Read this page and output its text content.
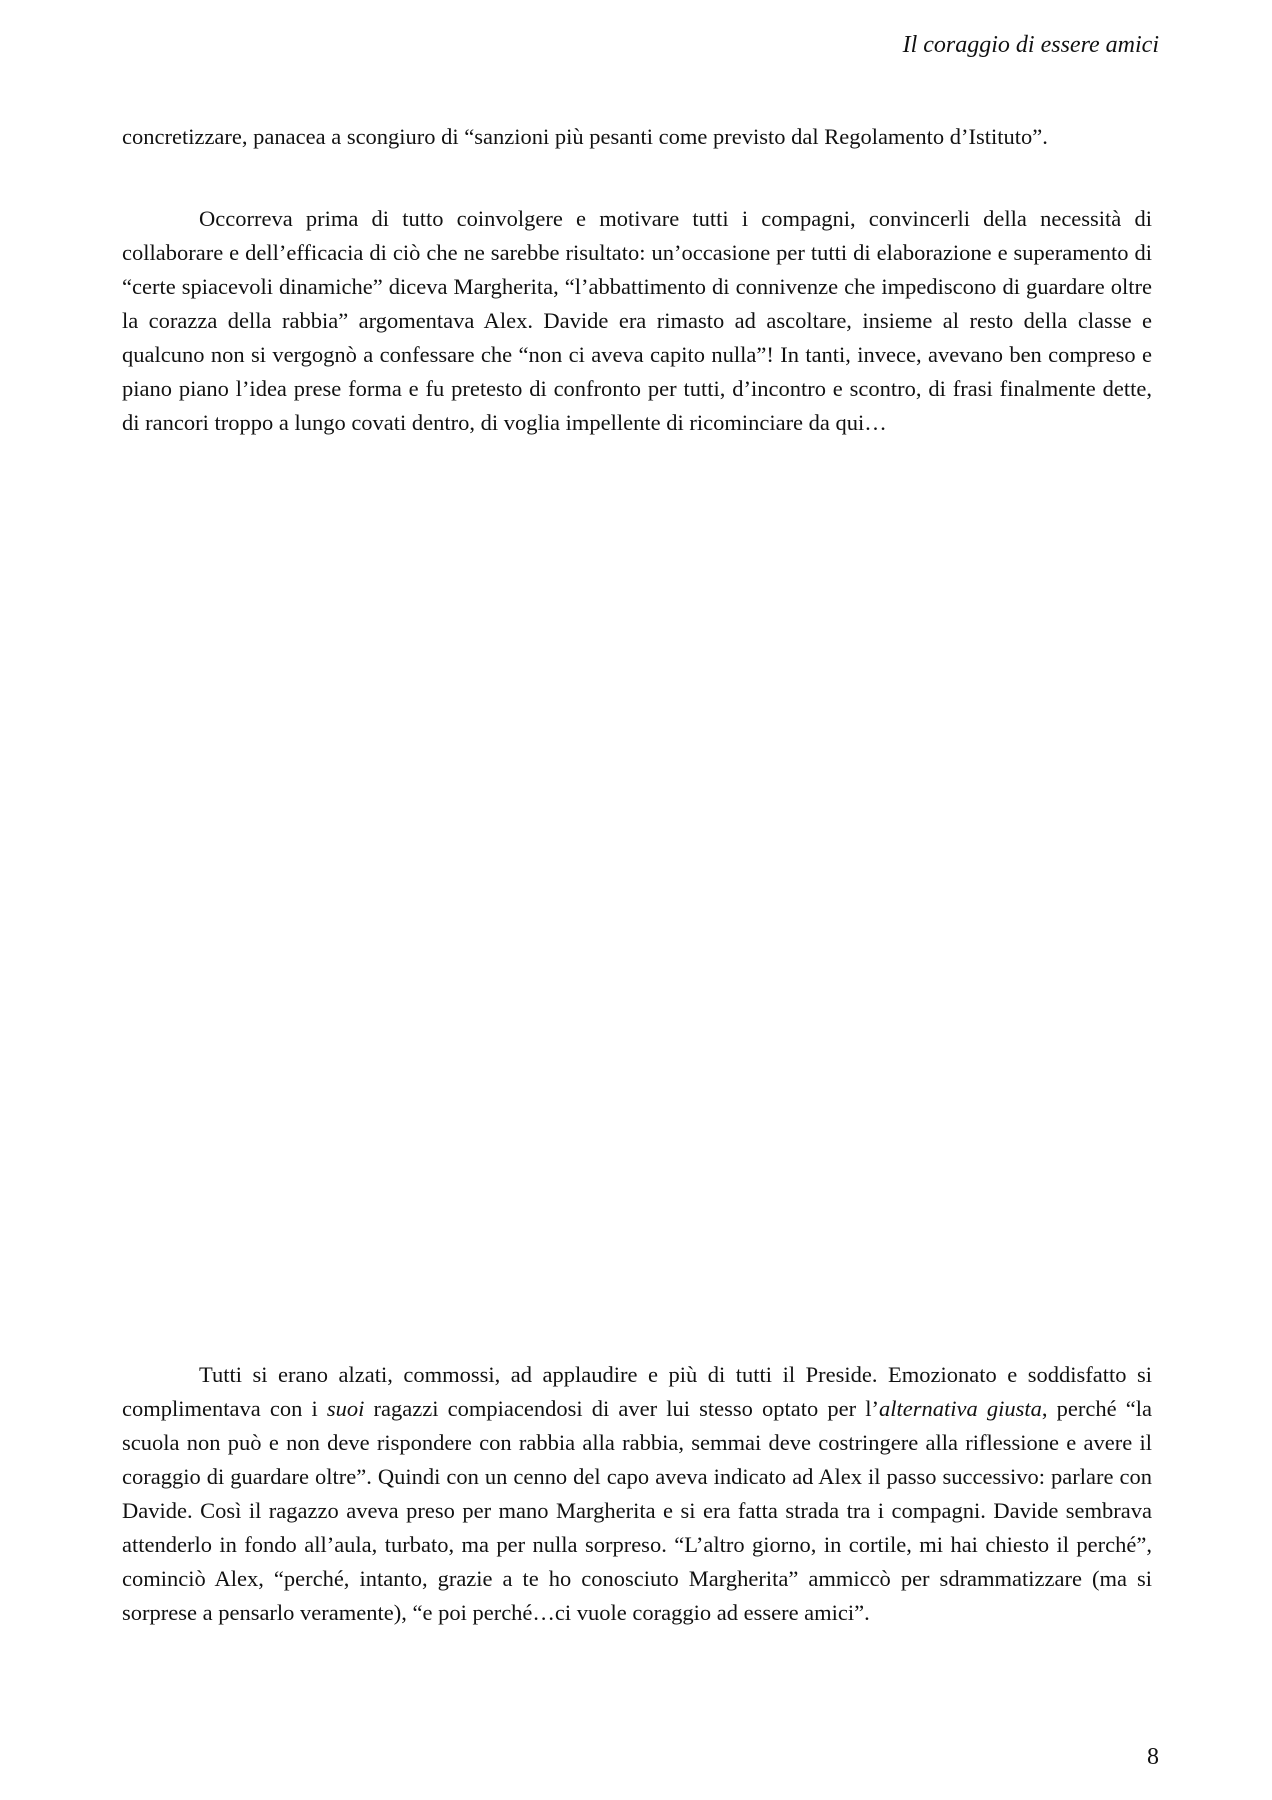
Il coraggio di essere amici

concretizzare, panacea a scongiuro di “sanzioni più pesanti come previsto dal Regolamento d’Istituto”.

Occorreva prima di tutto coinvolgere e motivare tutti i compagni, convincerli della necessità di collaborare e dell’efficacia di ciò che ne sarebbe risultato: un’occasione per tutti di elaborazione e superamento di “certe spiacevoli dinamiche” diceva Margherita, “l’abbattimento di connivenze che impediscono di guardare oltre la corazza della rabbia” argomentava Alex. Davide era rimasto ad ascoltare, insieme al resto della classe e qualcuno non si vergognò a confessare che “non ci aveva capito nulla”! In tanti, invece, avevano ben compreso e piano piano l’idea prese forma e fu pretesto di confronto per tutti, d’incontro e scontro, di frasi finalmente dette, di rancori troppo a lungo covati dentro, di voglia impellente di ricominciare da qui…

Tutti si erano alzati, commossi, ad applaudire e più di tutti il Preside. Emozionato e soddisfatto si complimentava con i suoi ragazzi compiacendosi di aver lui stesso optato per l’alternativa giusta, perché “la scuola non può e non deve rispondere con rabbia alla rabbia, semmai deve costringere alla riflessione e avere il coraggio di guardare oltre”. Quindi con un cenno del capo aveva indicato ad Alex il passo successivo: parlare con Davide. Così il ragazzo aveva preso per mano Margherita e si era fatta strada tra i compagni. Davide sembrava attenderlo in fondo all’aula, turbato, ma per nulla sorpreso. “L’altro giorno, in cortile, mi hai chiesto il perché”, cominciò Alex, “perché, intanto, grazie a te ho conosciuto Margherita” ammiccò per sdrammatizzare (ma si sorprese a pensarlo veramente), “e poi perché…ci vuole coraggio ad essere amici”.

8
